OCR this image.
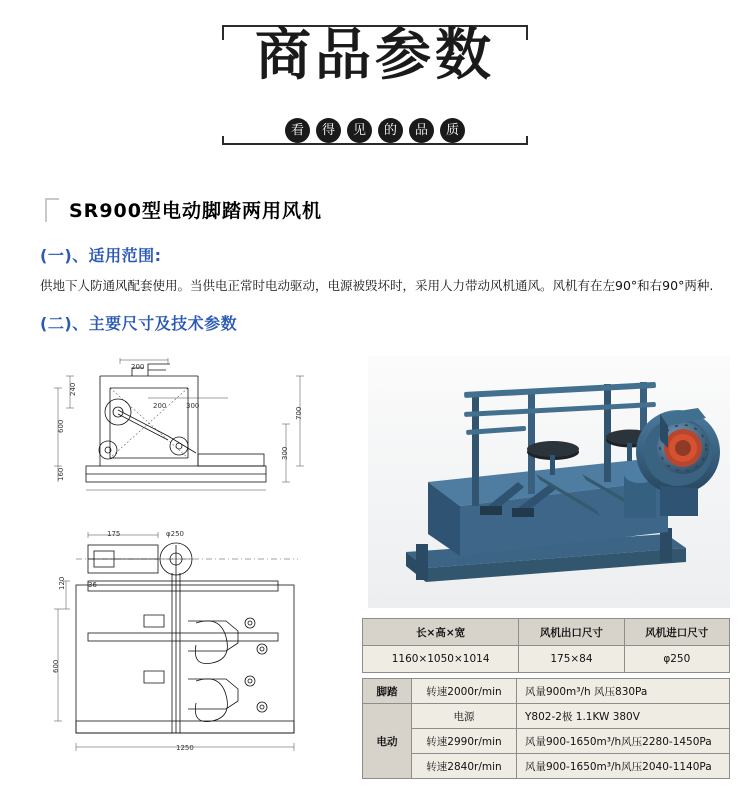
商品参数
看	得	见	的	品	质
SR900型电动脚踏两用风机
(一)、适用范围:
供地下人防通风配套使用。当供电正常时电动驱动，电源被毁坏时，采用人力带动风机通风。风机有在左90°和右90°两种.
(二)、主要尺寸及技术参数
200
240
200	300
700
600
300
160
175	φ250
120	36
600
1250
长×高×宽	风机出口尺寸	风机进口尺寸
1160×1050×1014	175×84	φ250
脚踏	转速2000r/min	风量900m³/h 风压830Pa
电动	电源	Y802-2极 1.1KW 380V
	转速2990r/min	风量900-1650m³/h风压2280-1450Pa
	转速2840r/min	风量900-1650m³/h风压2040-1140Pa
